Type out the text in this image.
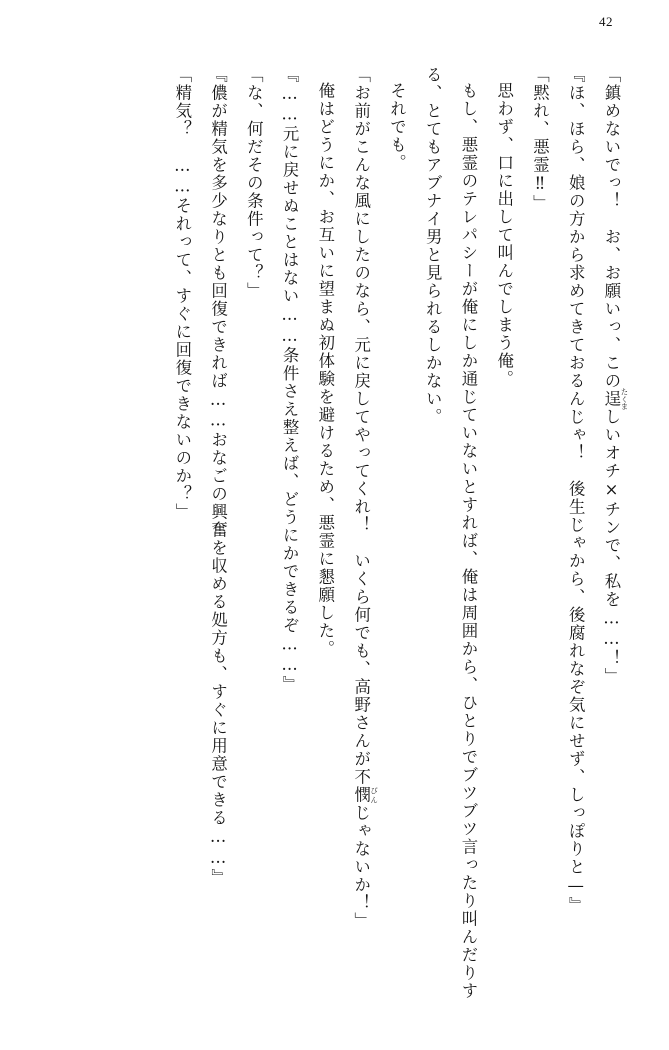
42

「鎮めないでっ！　お、お願いっ、この逞 たくましいオチ×チンで、私を……！」

『ほ、ほら、娘の方から求めてきておるんじゃ！　後生じゃから、後腐れなぞ気にせず、しっぽりと—』

「黙れ、悪霊‼」

思わず、口に出して叫んでしまう俺。

もし、悪霊のテレパシーが俺にしか通じていないとすれば、俺は周囲から、ひとりでブツブツ言ったり叫んだりする、とてもアブナイ男と見られるしかない。

それでも。

「お前がこんな風にしたのなら、元に戻してやってくれ！　いくら何でも、高野さんが不憫 びんじゃないか！」

俺はどうにか、お互いに望まぬ初体験を避けるため、悪霊に懇願した。

『……元に戻せぬことはない……条件さえ整えば、どうにかできるぞ……』

「な、何だその条件って？」

『儂が精気を多少なりとも回復できれば……おなごの興奮を収める処方も、すぐに用意できる……』

「精気？　……それって、すぐに回復できないのか？」
